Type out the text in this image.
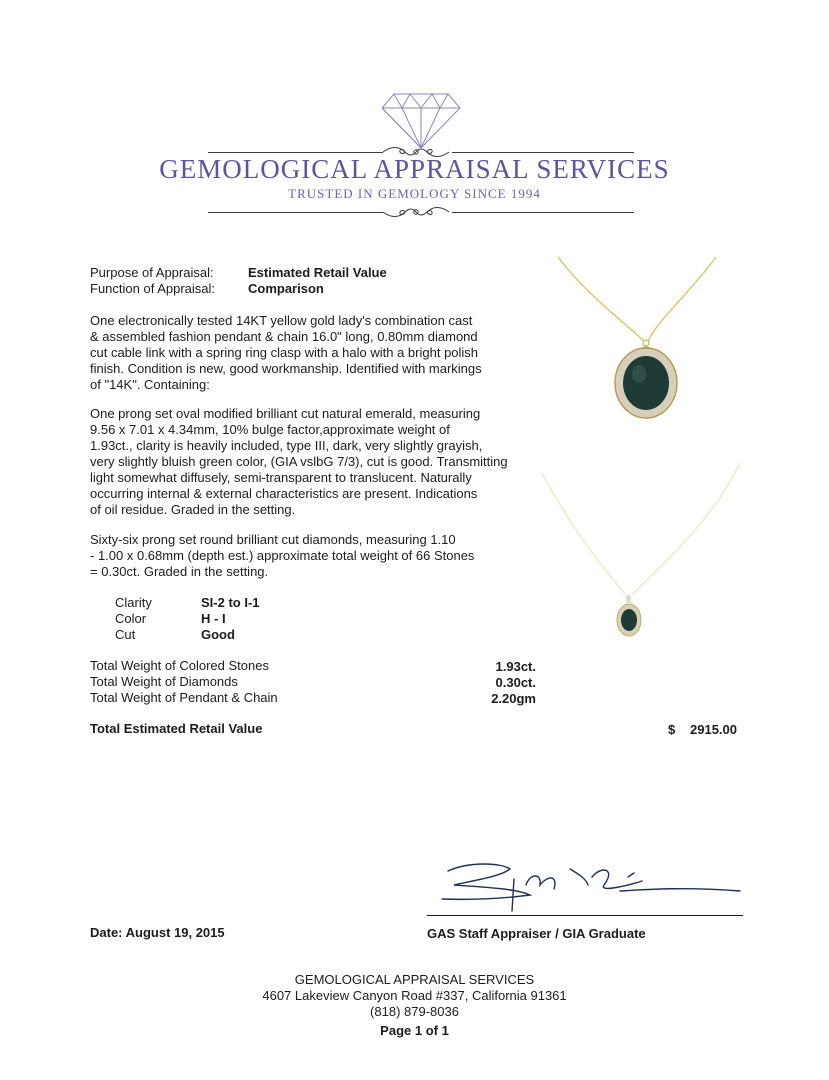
GEMOLOGICAL APPRAISAL SERVICES
TRUSTED IN GEMOLOGY SINCE 1994
Purpose of Appraisal:	Estimated Retail Value
Function of Appraisal:	Comparison
One electronically tested 14KT yellow gold lady's combination cast
& assembled fashion pendant & chain 16.0" long, 0.80mm diamond
cut cable link with a spring ring clasp with a halo with a bright polish
finish. Condition is new, good workmanship. Identified with markings
of "14K". Containing:
One prong set oval modified brilliant cut natural emerald, measuring
9.56 x 7.01 x 4.34mm, 10% bulge factor,approximate weight of
1.93ct., clarity is heavily included, type III, dark, very slightly grayish,
very slightly bluish green color, (GIA vslbG 7/3), cut is good. Transmitting
light somewhat diffusely, semi-transparent to translucent. Naturally
occurring internal & external characteristics are present. Indications
of oil residue. Graded in the setting.
Sixty-six prong set round brilliant cut diamonds, measuring 1.10
- 1.00 x 0.68mm (depth est.) approximate total weight of 66 Stones
= 0.30ct. Graded in the setting.
Clarity	SI-2 to I-1
Color	H - I
Cut	Good
Total Weight of Colored Stones	1.93ct.
Total Weight of Diamonds	0.30ct.
Total Weight of Pendant & Chain	2.20gm
Total Estimated Retail Value	$ 2915.00
Date: August 19, 2015	GAS Staff Appraiser / GIA Graduate
GEMOLOGICAL APPRAISAL SERVICES
4607 Lakeview Canyon Road #337, California 91361
(818) 879-8036
Page 1 of 1
